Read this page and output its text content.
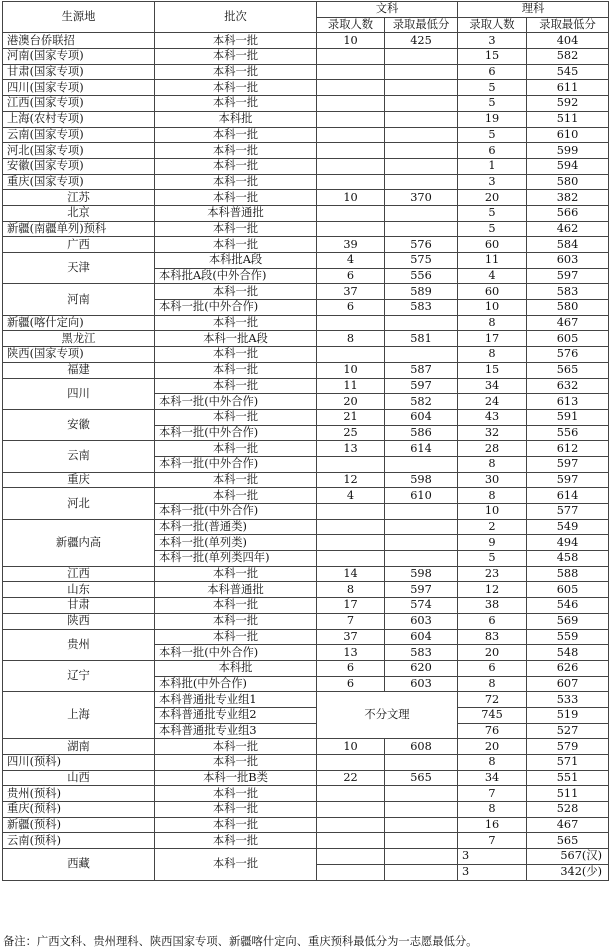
生源地	批次	文科		理科	
		录取人数	录取最低分	录取人数	录取最低分
港澳台侨联招	本科一批	10	425	3	404
河南(国家专项)	本科一批			15	582
甘肃(国家专项)	本科一批			6	545
四川(国家专项)	本科一批			5	611
江西(国家专项)	本科一批			5	592
上海(农村专项)	本科批			19	511
云南(国家专项)	本科一批			5	610
河北(国家专项)	本科一批			6	599
安徽(国家专项)	本科一批			1	594
重庆(国家专项)	本科一批			3	580
江苏	本科一批	10	370	20	382
北京	本科普通批			5	566
新疆(南疆单列)预科	本科一批			5	462
广西	本科一批	39	576	60	584
天津	本科批A段	4	575	11	603
	本科批A段(中外合作)	6	556	4	597
河南	本科一批	37	589	60	583
	本科一批(中外合作)	6	583	10	580
新疆(喀什定向)	本科一批			8	467
黑龙江	本科一批A段	8	581	17	605
陕西(国家专项)	本科一批			8	576
福建	本科一批	10	587	15	565
四川	本科一批	11	597	34	632
	本科一批(中外合作)	20	582	24	613
安徽	本科一批	21	604	43	591
	本科一批(中外合作)	25	586	32	556
云南	本科一批	13	614	28	612
	本科一批(中外合作)			8	597
重庆	本科一批	12	598	30	597
河北	本科一批	4	610	8	614
	本科一批(中外合作)			10	577
新疆内高	本科一批(普通类)			2	549
	本科一批(单列类)			9	494
	本科一批(单列类四年)			5	458
江西	本科一批	14	598	23	588
山东	本科普通批	8	597	12	605
甘肃	本科一批	17	574	38	546
陕西	本科一批	7	603	6	569
贵州	本科一批	37	604	83	559
	本科一批(中外合作)	13	583	20	548
辽宁	本科批	6	620	6	626
	本科批(中外合作)	6	603	8	607
上海	本科普通批专业组1	不分文理		72	533
	本科普通批专业组2			745	519
	本科普通批专业组3			76	527
湖南	本科一批	10	608	20	579
四川(预科)	本科一批			8	571
山西	本科一批B类	22	565	34	551
贵州(预科)	本科一批			7	511
重庆(预科)	本科一批			8	528
新疆(预科)	本科一批			16	467
云南(预科)	本科一批			7	565
西藏	本科一批			3	567(汉)
				3	342(少)
备注：广西文科、贵州理科、陕西国家专项、新疆喀什定向、重庆预科最低分为一志愿最低分。
